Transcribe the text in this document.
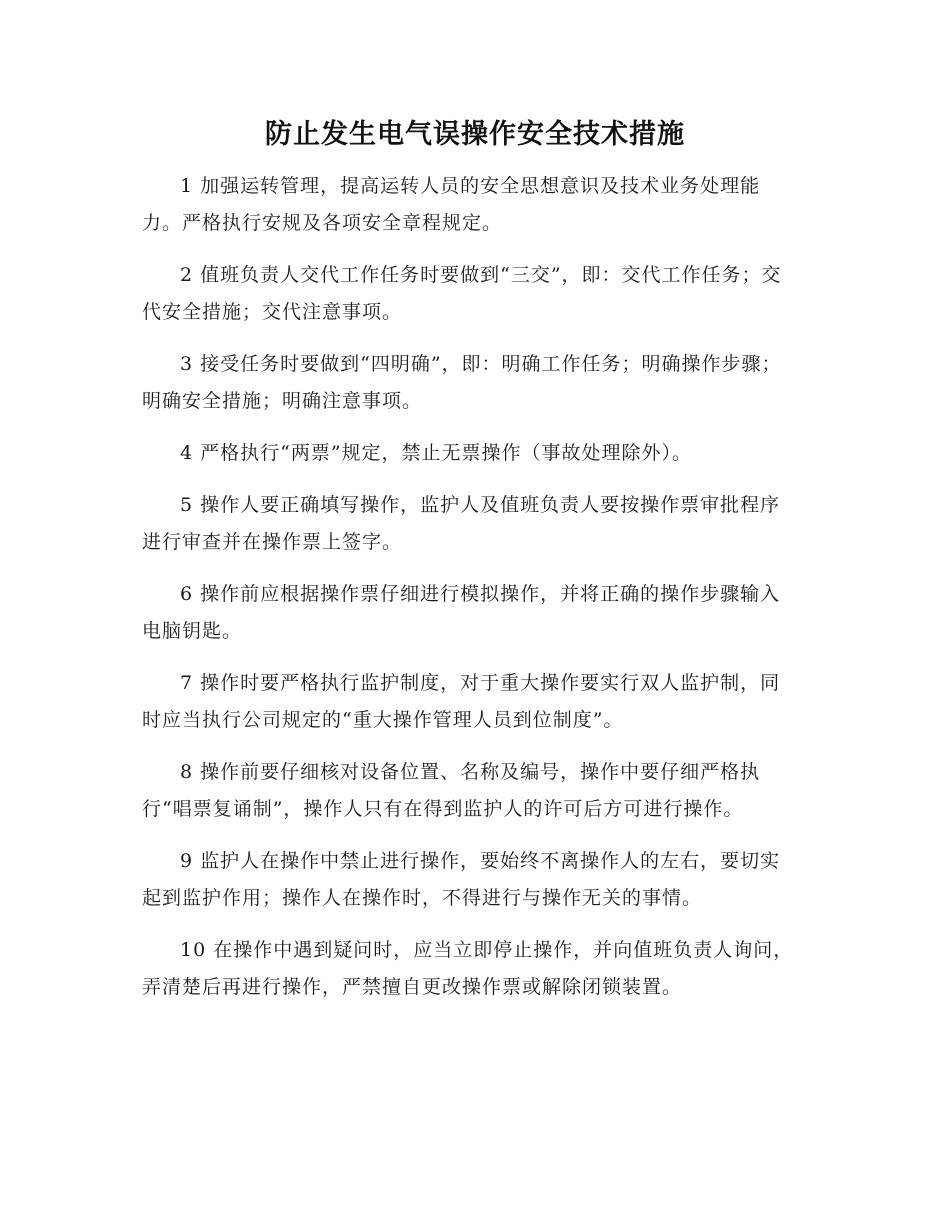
防止发生电气误操作安全技术措施

1 加强运转管理，提高运转人员的安全思想意识及技术业务处理能力。严格执行安规及各项安全章程规定。

2 值班负责人交代工作任务时要做到“三交”，即：交代工作任务；交代安全措施；交代注意事项。

3 接受任务时要做到“四明确”，即：明确工作任务；明确操作步骤；明确安全措施；明确注意事项。

4 严格执行“两票”规定，禁止无票操作（事故处理除外）。

5 操作人要正确填写操作，监护人及值班负责人要按操作票审批程序进行审查并在操作票上签字。

6 操作前应根据操作票仔细进行模拟操作，并将正确的操作步骤输入电脑钥匙。

7 操作时要严格执行监护制度，对于重大操作要实行双人监护制，同时应当执行公司规定的“重大操作管理人员到位制度”。

8 操作前要仔细核对设备位置、名称及编号，操作中要仔细严格执行“唱票复诵制”，操作人只有在得到监护人的许可后方可进行操作。

9 监护人在操作中禁止进行操作，要始终不离操作人的左右，要切实起到监护作用；操作人在操作时，不得进行与操作无关的事情。

10 在操作中遇到疑问时，应当立即停止操作，并向值班负责人询问，弄清楚后再进行操作，严禁擅自更改操作票或解除闭锁装置。
